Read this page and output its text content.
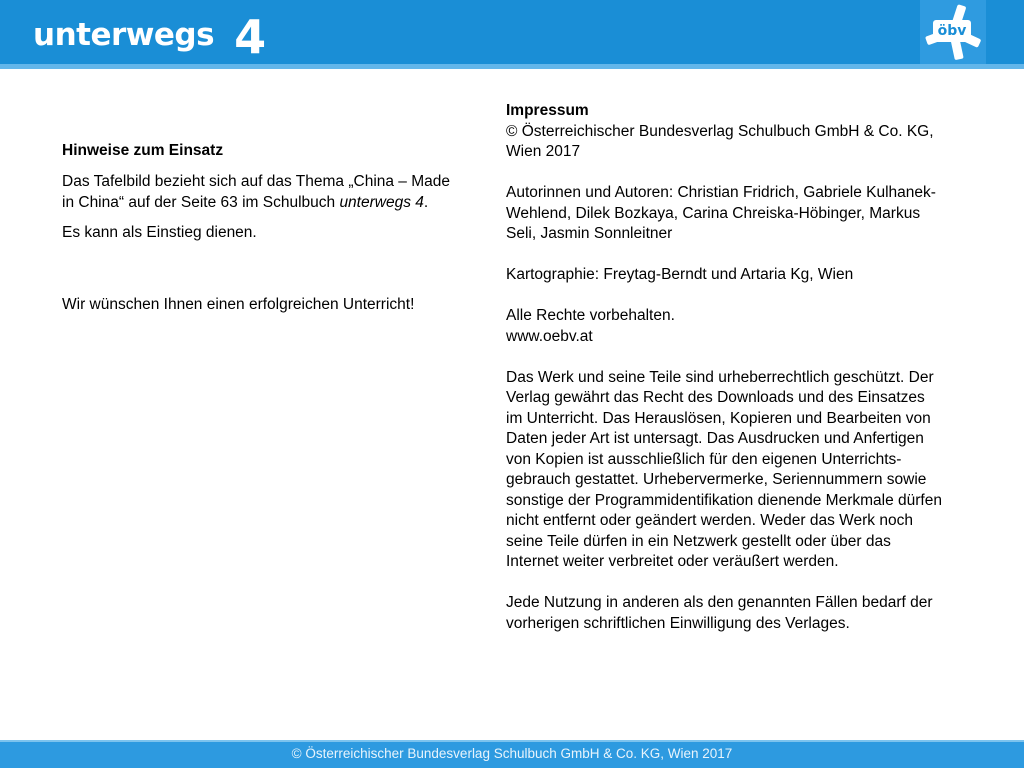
unterwegs 4	öbv

Hinweise zum Einsatz

Das Tafelbild bezieht sich auf das Thema „China – Made in China“ auf der Seite 63 im Schulbuch unterwegs 4.

Es kann als Einstieg dienen.

Wir wünschen Ihnen einen erfolgreichen Unterricht!

Impressum
© Österreichischer Bundesverlag Schulbuch GmbH & Co. KG,
Wien 2017

Autorinnen und Autoren: Christian Fridrich, Gabriele Kulhanek-
Wehlend, Dilek Bozkaya, Carina Chreiska-Höbinger, Markus
Seli, Jasmin Sonnleitner

Kartographie: Freytag-Berndt und Artaria Kg, Wien

Alle Rechte vorbehalten.
www.oebv.at

Das Werk und seine Teile sind urheberrechtlich geschützt. Der
Verlag gewährt das Recht des Downloads und des Einsatzes
im Unterricht. Das Herauslösen, Kopieren und Bearbeiten von
Daten jeder Art ist untersagt. Das Ausdrucken und Anfertigen
von Kopien ist ausschließlich für den eigenen Unterrichts-
gebrauch gestattet. Urhebervermerke, Seriennummern sowie
sonstige der Programmidentifikation dienende Merkmale dürfen
nicht entfernt oder geändert werden. Weder das Werk noch
seine Teile dürfen in ein Netzwerk gestellt oder über das
Internet weiter verbreitet oder veräußert werden.

Jede Nutzung in anderen als den genannten Fällen bedarf der
vorherigen schriftlichen Einwilligung des Verlages.

© Österreichischer Bundesverlag Schulbuch GmbH & Co. KG, Wien 2017
